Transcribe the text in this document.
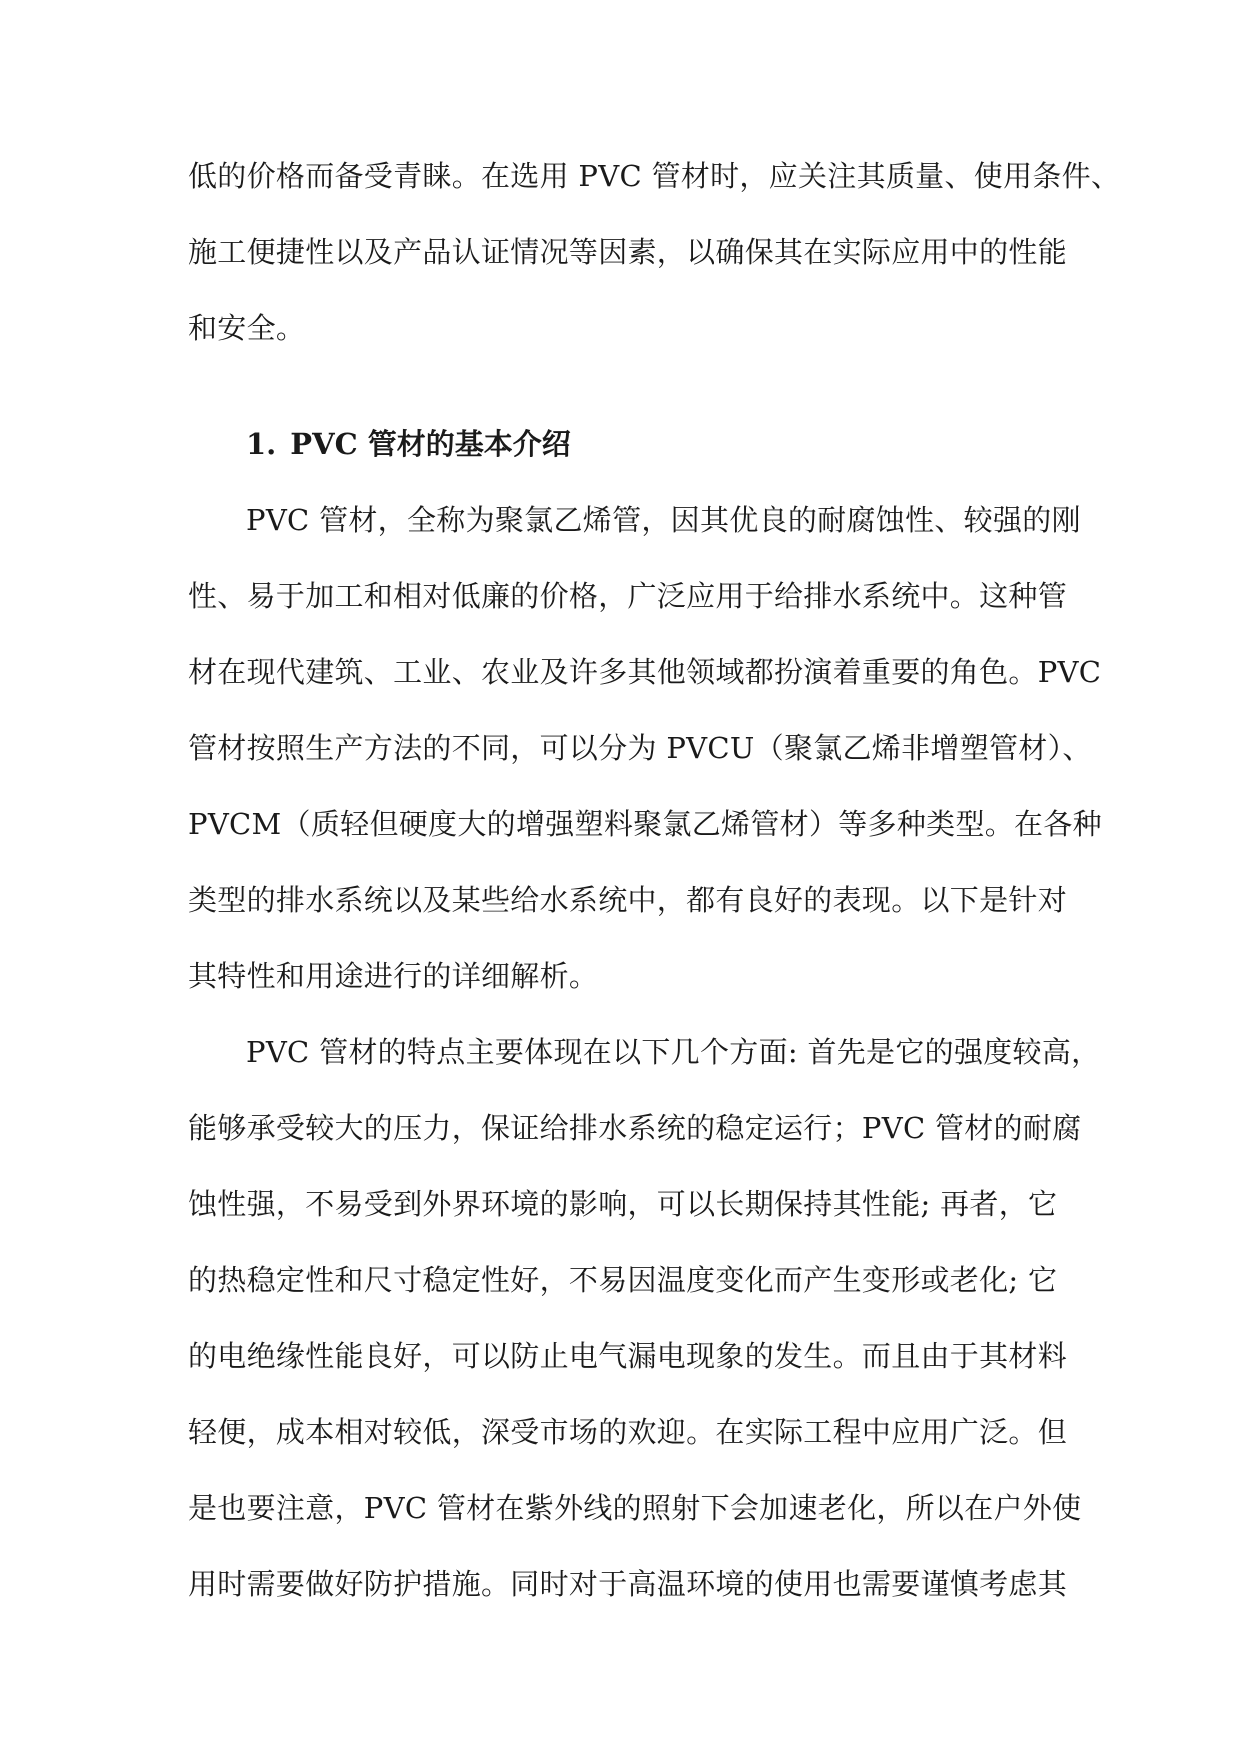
低的价格而备受青睐。在选用 PVC 管材时，应关注其质量、使用条件、
施工便捷性以及产品认证情况等因素，以确保其在实际应用中的性能
和安全。
1. PVC 管材的基本介绍
PVC 管材，全称为聚氯乙烯管，因其优良的耐腐蚀性、较强的刚
性、易于加工和相对低廉的价格，广泛应用于给排水系统中。这种管
材在现代建筑、工业、农业及许多其他领域都扮演着重要的角色。PVC
管材按照生产方法的不同，可以分为 PVCU（聚氯乙烯非增塑管材）、
PVCM（质轻但硬度大的增强塑料聚氯乙烯管材）等多种类型。在各种
类型的排水系统以及某些给水系统中，都有良好的表现。以下是针对
其特性和用途进行的详细解析。
PVC 管材的特点主要体现在以下几个方面: 首先是它的强度较高，
能够承受较大的压力，保证给排水系统的稳定运行；PVC 管材的耐腐
蚀性强，不易受到外界环境的影响，可以长期保持其性能; 再者，它
的热稳定性和尺寸稳定性好，不易因温度变化而产生变形或老化; 它
的电绝缘性能良好，可以防止电气漏电现象的发生。而且由于其材料
轻便，成本相对较低，深受市场的欢迎。在实际工程中应用广泛。但
是也要注意，PVC 管材在紫外线的照射下会加速老化，所以在户外使
用时需要做好防护措施。同时对于高温环境的使用也需要谨慎考虑其
